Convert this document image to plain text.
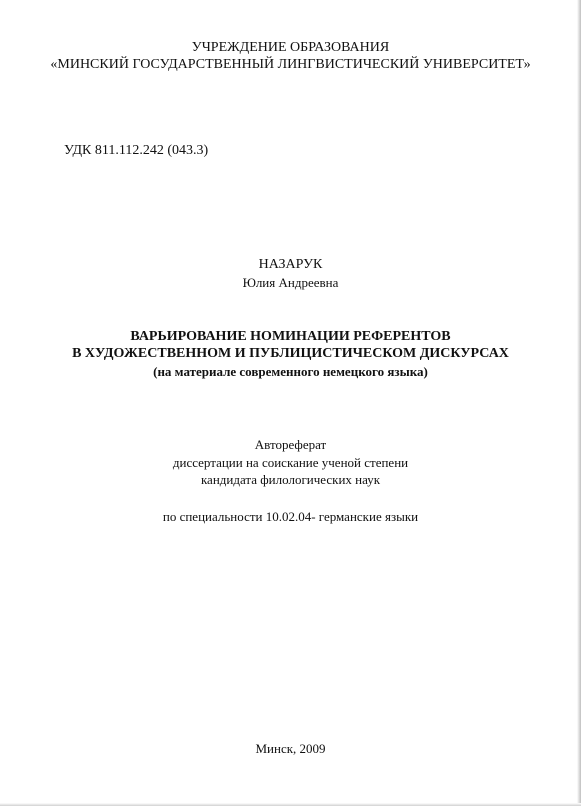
УЧРЕЖДЕНИЕ ОБРАЗОВАНИЯ
«МИНСКИЙ ГОСУДАРСТВЕННЫЙ ЛИНГВИСТИЧЕСКИЙ УНИВЕРСИТЕТ»
УДК 811.112.242 (043.3)
НАЗАРУК
Юлия Андреевна
ВАРЬИРОВАНИЕ НОМИНАЦИИ РЕФЕРЕНТОВ
В ХУДОЖЕСТВЕННОМ И ПУБЛИЦИСТИЧЕСКОМ ДИСКУРСАХ
(на материале современного немецкого языка)
Автореферат
диссертации на соискание ученой степени
кандидата филологических наук
по специальности 10.02.04- германские языки
Минск, 2009
